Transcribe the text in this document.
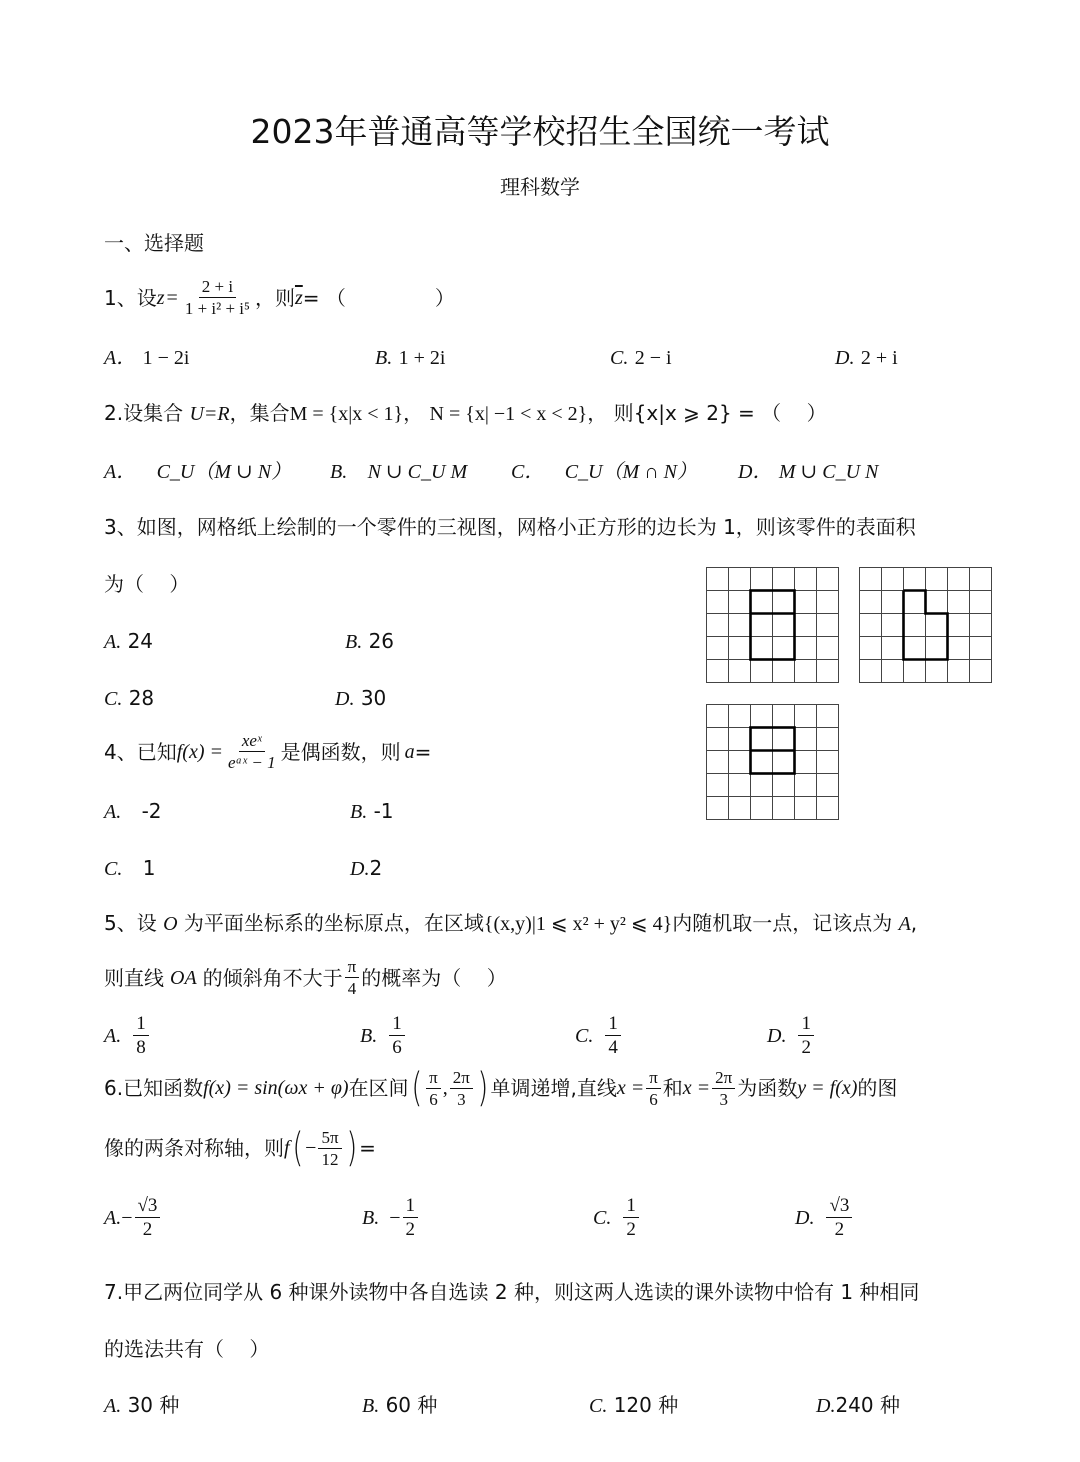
2023年普通高等学校招生全国统一考试
理科数学
一、选择题
1、设 $z = \frac{2 + i}{\text{1 + i² + i⁵}}$ ，则 $\overline{z}$ = （              ）
A． 1 − 2i	B. 1 + 2i	C. 2 − i	D. 2 + i
2.设集合 U=R，集合M = {x|x < 1}， N = {x| −1 < x < 2}， 则{x|x ⩾ 2} = （    ）
A． C_U（M ∪ N） B. N ∪ C_U M C． C_U（M ∩ N） D． M ∪ C_U N
3、如图，网格纸上绘制的一个零件的三视图，网格小正方形的边长为 1，则该零件的表面积
为（    ）
A. 24	B. 26
C. 28	D. 30
4、已知 $f(x) = \frac{\text{xeˣ}}{\text{eᵃˣ − 1}}$ 是偶函数，则 a =
A. -2	B. -1
C. 1	D.2
5、设 O 为平面坐标系的坐标原点，在区域{(x,y)|1 ⩽ x² + y² ⩽ 4}内随机取一点，记该点为 A,
则直线 OA 的倾斜角不大于 $\frac{\pi}{4}$ 的概率为（    ）
A. $\frac{1}{8}$	B. $\frac{1}{6}$	C. $\frac{1}{4}$	D. $\frac{1}{2}$
6.已知函数 f(x) = sin(ωx + φ) 在区间 ( $\frac{\pi}{6}$ , $\frac{2\pi}{3}$ ) 单调递增, 直线 $x = \frac{\pi}{6}$ 和 $x = \frac{2\pi}{3}$ 为函数 y = f(x) 的图
像的两条对称轴，则 f ( − $\frac{5\pi}{12}$ ) =
A. − $\frac{√3}{2}$	B. − $\frac{1}{2}$	C. $\frac{1}{2}$	D. $\frac{√3}{2}$
7.甲乙两位同学从 6 种课外读物中各自选读 2 种，则这两人选读的课外读物中恰有 1 种相同
的选法共有（    ）
A. 30 种	B. 60 种	C. 120 种	D.240 种
